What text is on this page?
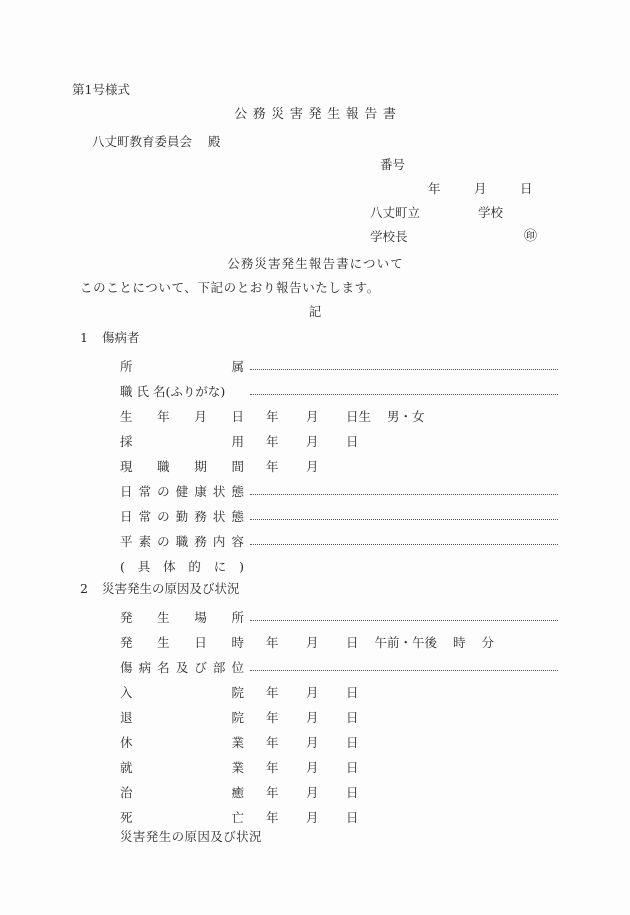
第1号様式
公務災害発生報告書
八丈町教育委員会 殿
番号
年	月	日
八丈町立	学校
学校長	㊞
公務災害発生報告書について
このことについて、下記のとおり報告いたします。
記
1 傷病者
所属
職 氏 名(ふりがな)
生年月日 年 月 日生 男・女
採用 年 月 日
現職期間 年 月
日常の健康状態
日常の勤務状態
平素の職務内容
(具体的に)
2 災害発生の原因及び状況
発生場所
発生日時 年 月 日 午前・午後 時 分
傷病名及び部位
入院 年 月 日
退院 年 月 日
休業 年 月 日
就業 年 月 日
治癒 年 月 日
死亡 年 月 日
災害発生の原因及び状況
